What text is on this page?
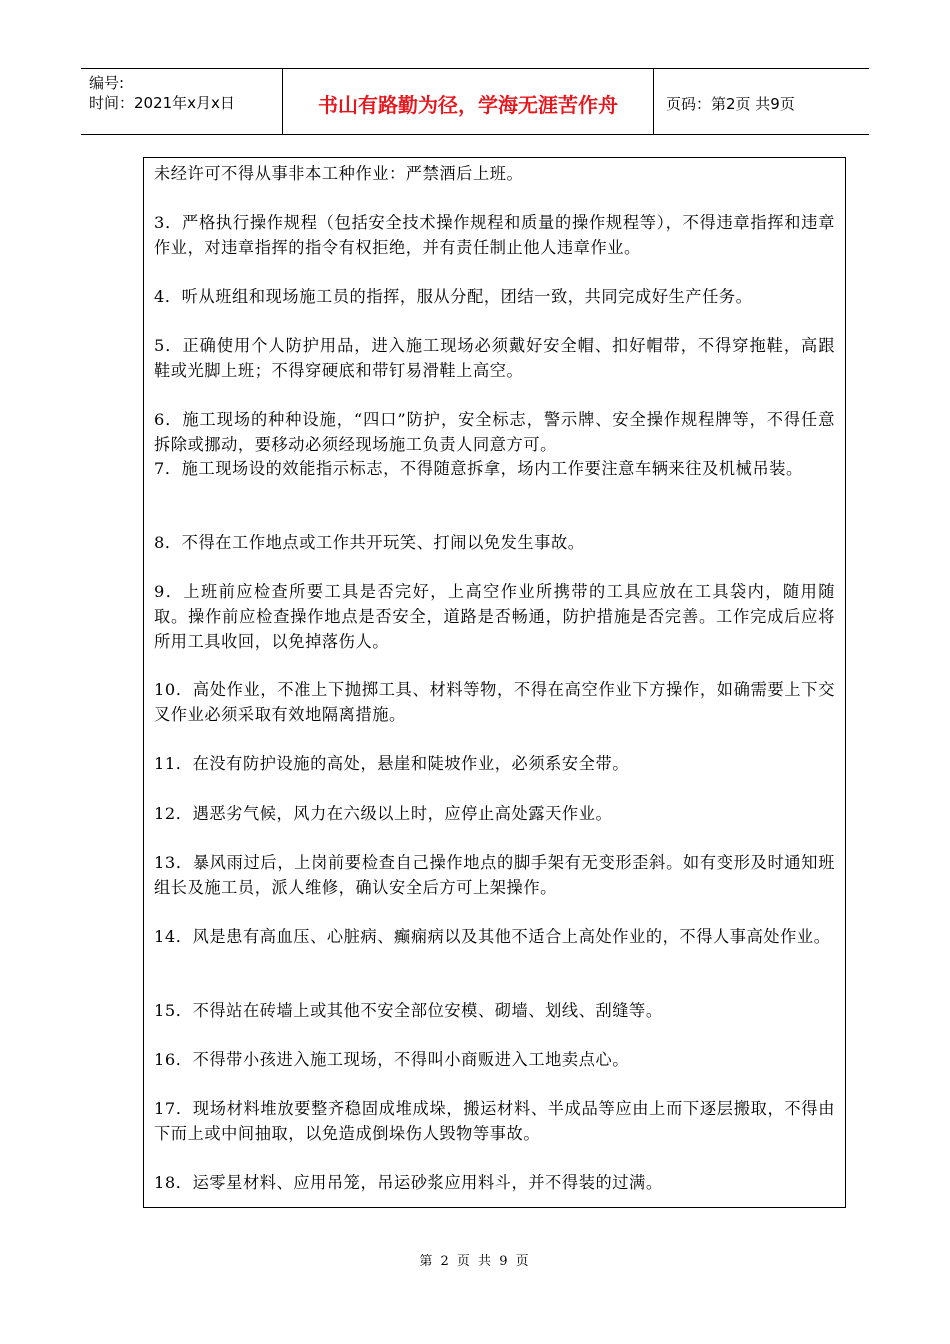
编号:
时间：2021年x月x日	书山有路勤为径，学海无涯苦作舟	页码：第2页 共9页

未经许可不得从事非本工种作业：严禁酒后上班。

3．严格执行操作规程（包括安全技术操作规程和质量的操作规程等），不得违章指挥和违章作业，对违章指挥的指令有权拒绝，并有责任制止他人违章作业。

4．听从班组和现场施工员的指挥，服从分配，团结一致，共同完成好生产任务。

5．正确使用个人防护用品，进入施工现场必须戴好安全帽、扣好帽带，不得穿拖鞋，高跟鞋或光脚上班；不得穿硬底和带钉易滑鞋上高空。

6．施工现场的种种设施，“四口”防护，安全标志，警示牌、安全操作规程牌等，不得任意拆除或挪动，要移动必须经现场施工负责人同意方可。

7．施工现场设的效能指示标志，不得随意拆拿，场内工作要注意车辆来往及机械吊装。

8．不得在工作地点或工作共开玩笑、打闹以免发生事故。

9．上班前应检查所要工具是否完好，上高空作业所携带的工具应放在工具袋内，随用随取。操作前应检查操作地点是否安全，道路是否畅通，防护措施是否完善。工作完成后应将所用工具收回，以免掉落伤人。

10．高处作业，不准上下抛掷工具、材料等物，不得在高空作业下方操作，如确需要上下交叉作业必须采取有效地隔离措施。

11．在没有防护设施的高处，悬崖和陡坡作业，必须系安全带。

12．遇恶劣气候，风力在六级以上时，应停止高处露天作业。

13．暴风雨过后，上岗前要检查自己操作地点的脚手架有无变形歪斜。如有变形及时通知班组长及施工员，派人维修，确认安全后方可上架操作。

14．风是患有高血压、心脏病、癫痫病以及其他不适合上高处作业的，不得人事高处作业。

15．不得站在砖墙上或其他不安全部位安模、砌墙、划线、刮缝等。

16．不得带小孩进入施工现场，不得叫小商贩进入工地卖点心。

17．现场材料堆放要整齐稳固成堆成垛，搬运材料、半成品等应由上而下逐层搬取，不得由下而上或中间抽取，以免造成倒垛伤人毁物等事故。

18．运零星材料、应用吊笼，吊运砂浆应用料斗，并不得装的过满。

第 2 页 共 9 页
